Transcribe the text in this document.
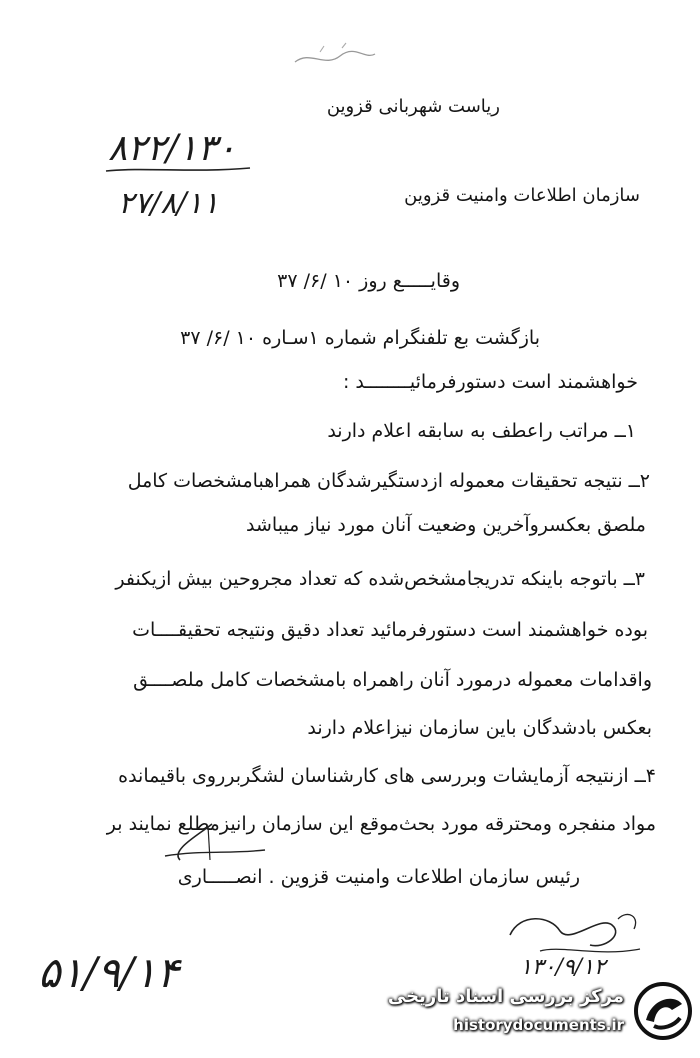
ریاست شهربانی قزوین
۸۲۲/۱۳۰
۲۷/۸/۱۱	سازمان اطلاعات وامنیت قزوین
وقایـــــع روز ۱۰ /۶/ ۳۷
بازگشت بع تلفنگرام شماره ۱سـاره ۱۰ /۶/ ۳۷
خواهشمند است دستورفرمائیــــــــد :
۱ــ مراتب راعطف به سابقه اعلام دارند
۲ــ نتیجه تحقیقات معموله ازدستگیرشدگان همراهبامشخصات کامل
ملصق بعکسروآخرین وضعیت آنان مورد نیاز میباشد
۳ــ باتوجه باینکه تدریجامشخص‌شده که تعداد مجروحین بیش ازیکنفر
بوده خواهشمند است دستورفرمائید تعداد دقیق ونتیجه تحقیقــــات
واقدامات معموله درمورد آنان راهمراه بامشخصات کامل ملصــــق
بعکس بادشدگان باین سازمان نیزاعلام دارند
۴ــ ازنتیجه آزمایشات وبررسی های کارشناسان لشگربرروی باقیمانده
مواد منفجره ومحترقه مورد بحث‌موقع این سازمان رانیزمطلع نمایند بر
رئیس سازمان اطلاعات وامنیت قزوین . انصـــــاری
۵۱/۹/۱۴	۱۳۰/۹/۱۲
مرکز بررسی اسناد تاریخی
historydocuments.ir
